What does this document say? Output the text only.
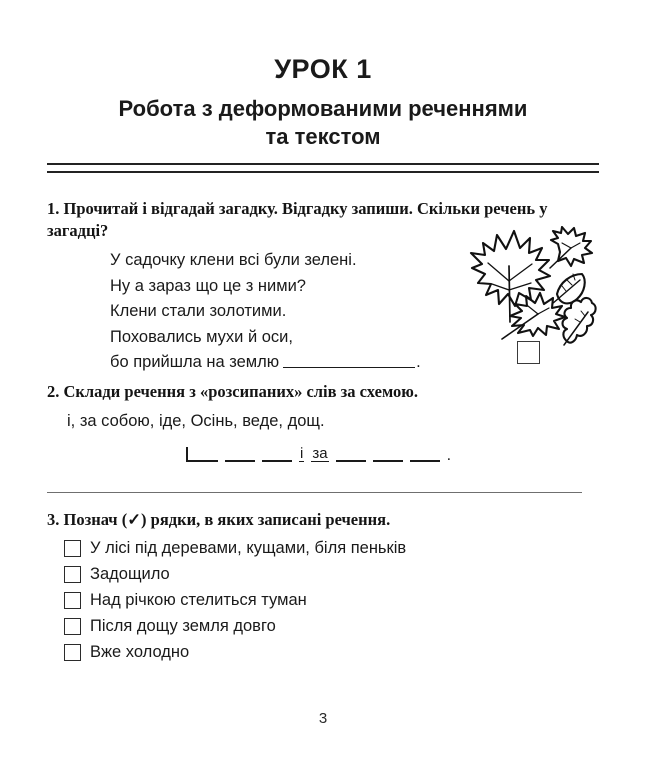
УРОК 1
Робота з деформованими реченнями
та текстом
1. Прочитай і відгадай загадку. Відгадку запиши. Скільки речень у загадці?
У садочку клени всі були зелені.
Ну а зараз що це з ними?
Клени стали золотими.
Поховались мухи й оси,
бо прийшла на землю	.
2. Склади речення з «розсипаних» слів за схемою.
і, за собою, іде, Осінь, веде, дощ.
і за	.
3. Познач (✓) рядки, в яких записані речення.
У лісі під деревами, кущами, біля пеньків
Задощило
Над річкою стелиться туман
Після дощу земля довго
Вже холодно
3
